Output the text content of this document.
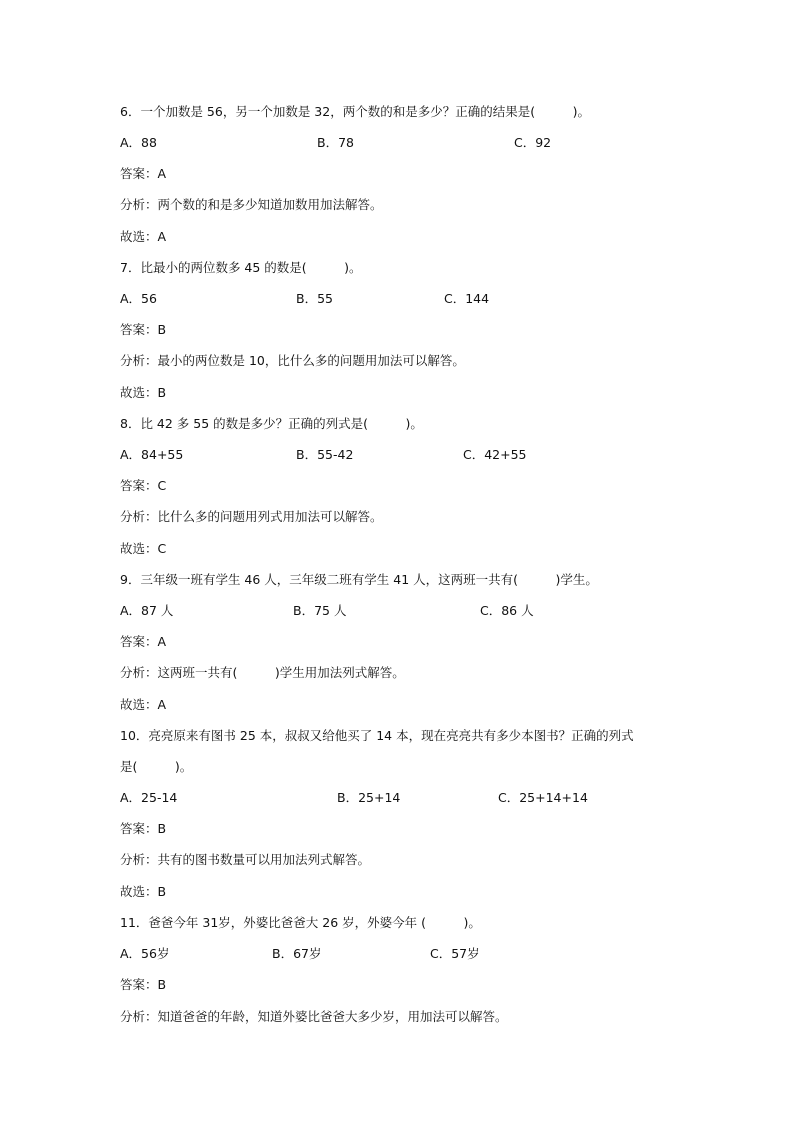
6．一个加数是 56，另一个加数是 32，两个数的和是多少？正确的结果是(　　　)。
A．88	B．78	C．92
答案：A
分析：两个数的和是多少知道加数用加法解答。
故选：A
7．比最小的两位数多 45 的数是(　　　)。
A．56	B．55	C．144
答案：B
分析：最小的两位数是 10，比什么多的问题用加法可以解答。
故选：B
8．比 42 多 55 的数是多少？正确的列式是(　　　)。
A．84+55	B．55-42	C．42+55
答案：C
分析：比什么多的问题用列式用加法可以解答。
故选：C
9．三年级一班有学生 46 人，三年级二班有学生 41 人，这两班一共有(　　　)学生。
A．87 人	B．75 人	C．86 人
答案：A
分析：这两班一共有(　　　)学生用加法列式解答。
故选：A
10．亮亮原来有图书 25 本，叔叔又给他买了 14 本，现在亮亮共有多少本图书？正确的列式
是(　　　)。
A．25-14	B．25+14	C．25+14+14
答案：B
分析：共有的图书数量可以用加法列式解答。
故选：B
11．爸爸今年 31岁，外婆比爸爸大 26 岁，外婆今年 (　　　)。
A．56岁	B．67岁	C．57岁
答案：B
分析：知道爸爸的年龄，知道外婆比爸爸大多少岁，用加法可以解答。
